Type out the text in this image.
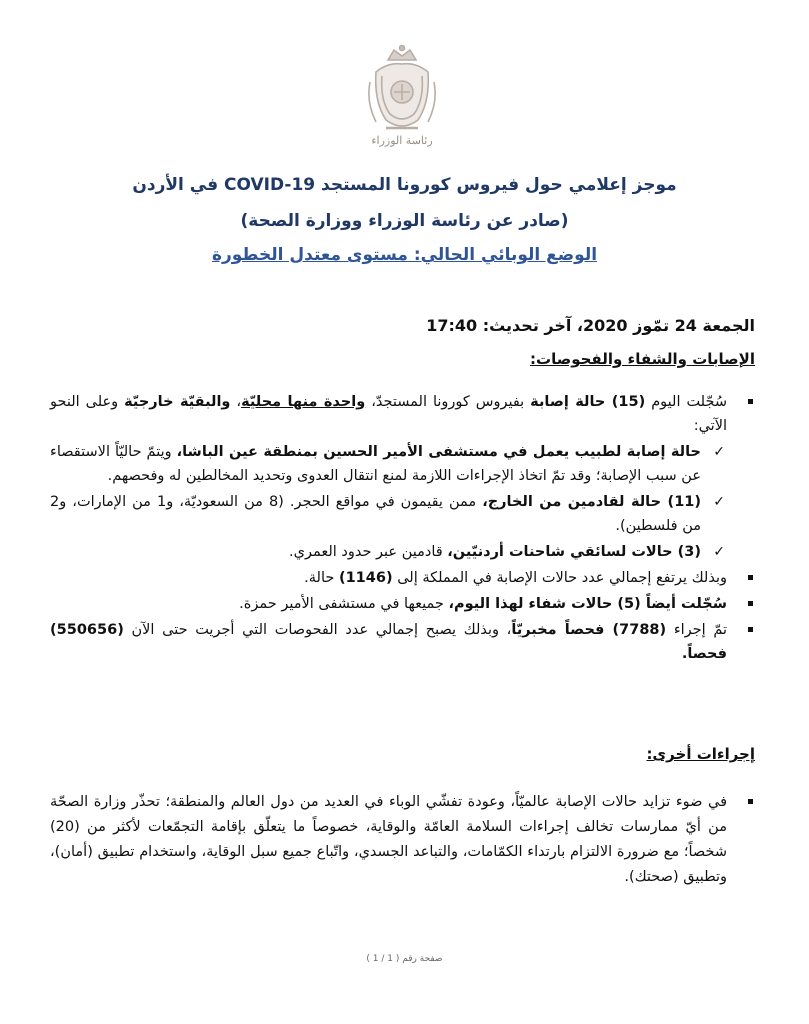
رئاسة الوزراء
موجز إعلامي حول فيروس كورونا المستجد COVID-19 في الأردن
(صادر عن رئاسة الوزراء ووزارة الصحة)
الوضع الوبائي الحالي: مستوى معتدل الخطورة
الجمعة 24 تمّوز 2020، آخر تحديث: 17:40
الإصابات والشفاء والفحوصات:
سُجّلت اليوم (15) حالة إصابة بفيروس كورونا المستجدّ، واحدة منها محليّة، والبقيّة خارجيّة وعلى النحو الآتي:
✓
حالة إصابة لطبيب يعمل في مستشفى الأمير الحسين بمنطقة عين الباشا، ويتمّ حاليّاً الاستقصاء عن سبب الإصابة؛ وقد تمّ اتخاذ الإجراءات اللازمة لمنع انتقال العدوى وتحديد المخالطين له وفحصهم.
✓
(11) حالة لقادمين من الخارج، ممن يقيمون في مواقع الحجر. (8 من السعوديّة، و1 من الإمارات، و2 من فلسطين).
✓
(3) حالات لسائقي شاحنات أردنيّين، قادمين عبر حدود العمري.
وبذلك يرتفع إجمالي عدد حالات الإصابة في المملكة إلى (1146) حالة.
سُجّلت أيضاً (5) حالات شفاء لهذا اليوم، جميعها في مستشفى الأمير حمزة.
تمّ إجراء (7788) فحصاً مخبريّاً، وبذلك يصبح إجمالي عدد الفحوصات التي أجريت حتى الآن (550656) فحصاً.
إجراءات أخرى:
في ضوء تزايد حالات الإصابة عالميّاً، وعودة تفشّي الوباء في العديد من دول العالم والمنطقة؛ تحذّر وزارة الصحّة من أيّ ممارسات تخالف إجراءات السلامة العامّة والوقاية، خصوصاً ما يتعلّق بإقامة التجمّعات لأكثر من (20) شخصاً؛ مع ضرورة الالتزام بارتداء الكمّامات، والتباعد الجسدي، واتّباع جميع سبل الوقاية، واستخدام تطبيق (أمان)، وتطبيق (صحتك).
صفحة رقم ( 1 / 1 )
